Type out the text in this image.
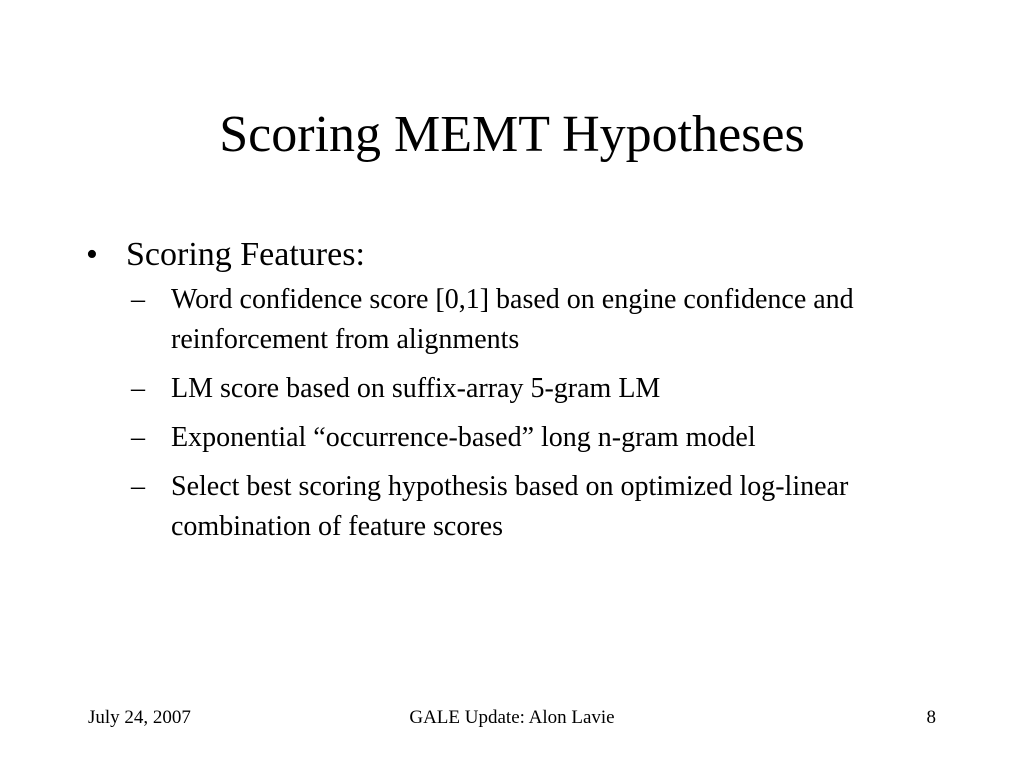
Scoring MEMT Hypotheses
• Scoring Features:
– Word confidence score [0,1] based on engine confidence and reinforcement from alignments
– LM score based on suffix-array 5-gram LM
– Exponential “occurrence-based” long n-gram model
– Select best scoring hypothesis based on optimized log-linear combination of feature scores
GALE Update: Alon Lavie
July 24, 2007	8
